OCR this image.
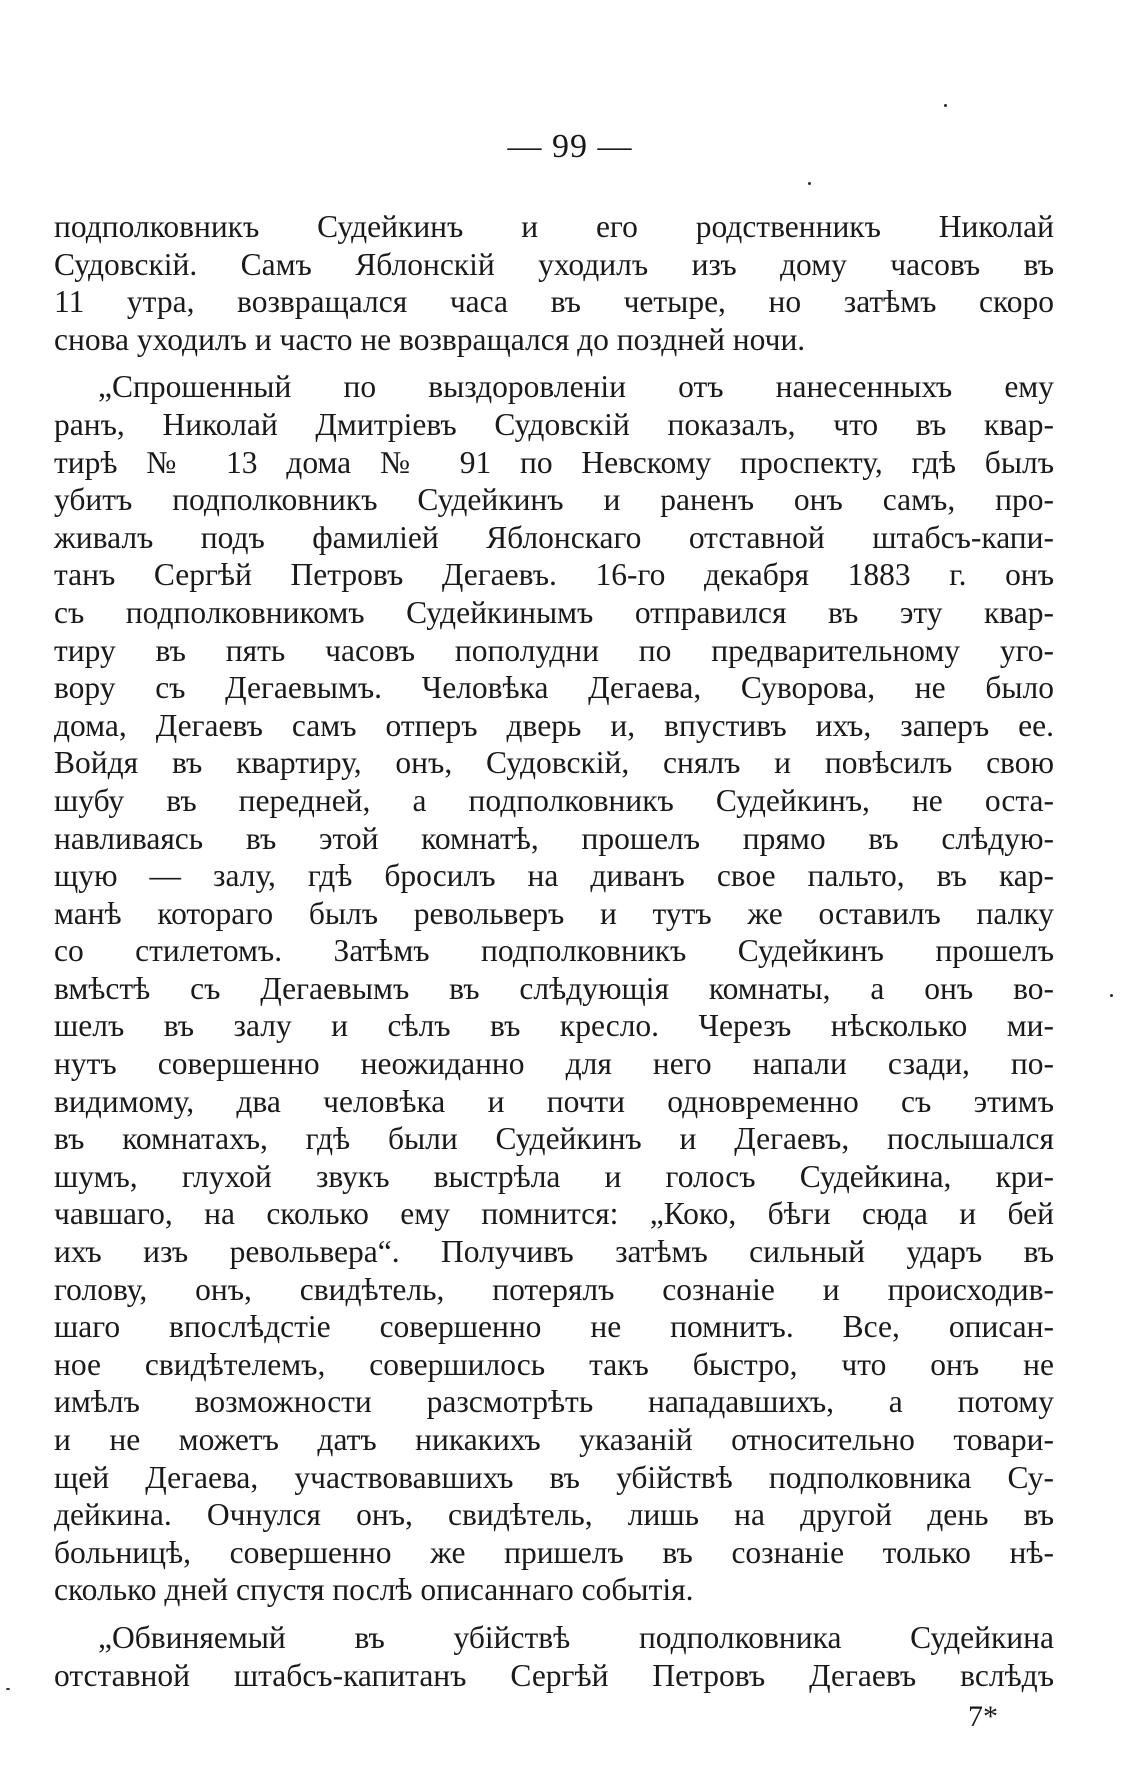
— 99 —
подполковникъ Судейкинъ и его родственникъ Николай
Судовскій. Самъ Яблонскій уходилъ изъ дому часовъ въ
11 утра, возвращался часа въ четыре, но затѣмъ скоро
снова уходилъ и часто не возвращался до поздней ночи.
„Спрошенный по выздоровленіи отъ нанесенныхъ ему
ранъ, Николай Дмитріевъ Судовскій показалъ, что въ квар-
тирѣ № 13 дома № 91 по Невскому проспекту, гдѣ былъ
убитъ подполковникъ Судейкинъ и раненъ онъ самъ, про-
живалъ подъ фамиліей Яблонскаго отставной штабсъ-капи-
танъ Сергѣй Петровъ Дегаевъ. 16-го декабря 1883 г. онъ
съ подполковникомъ Судейкинымъ отправился въ эту квар-
тиру въ пять часовъ пополудни по предварительному уго-
вору съ Дегаевымъ. Человѣка Дегаева, Суворова, не было
дома, Дегаевъ самъ отперъ дверь и, впустивъ ихъ, заперъ ее.
Войдя въ квартиру, онъ, Судовскій, снялъ и повѣсилъ свою
шубу въ передней, а подполковникъ Судейкинъ, не оста-
навливаясь въ этой комнатѣ, прошелъ прямо въ слѣдую-
щую — залу, гдѣ бросилъ на диванъ свое пальто, въ кар-
манѣ котораго былъ револьверъ и тутъ же оставилъ палку
со стилетомъ. Затѣмъ подполковникъ Судейкинъ прошелъ
вмѣстѣ съ Дегаевымъ въ слѣдующія комнаты, а онъ во-
шелъ въ залу и сѣлъ въ кресло. Черезъ нѣсколько ми-
нутъ совершенно неожиданно для него напали сзади, по-
видимому, два человѣка и почти одновременно съ этимъ
въ комнатахъ, гдѣ были Судейкинъ и Дегаевъ, послышался
шумъ, глухой звукъ выстрѣла и голосъ Судейкина, кри-
чавшаго, на сколько ему помнится: „Коко, бѣги сюда и бей
ихъ изъ револьвера“. Получивъ затѣмъ сильный ударъ въ
голову, онъ, свидѣтель, потерялъ сознаніе и происходив-
шаго впослѣдстіе совершенно не помнитъ. Все, описан-
ное свидѣтелемъ, совершилось такъ быстро, что онъ не
имѣлъ возможности разсмотрѣть нападавшихъ, а потому
и не можетъ датъ никакихъ указаній относительно товари-
щей Дегаева, участвовавшихъ въ убійствѣ подполковника Су-
дейкина. Очнулся онъ, свидѣтель, лишь на другой день въ
больницѣ, совершенно же пришелъ въ сознаніе только нѣ-
сколько дней спустя послѣ описаннаго событія.
„Обвиняемый въ убійствѣ подполковника Судейкина
отставной штабсъ-капитанъ Сергѣй Петровъ Дегаевъ вслѣдъ
7*
